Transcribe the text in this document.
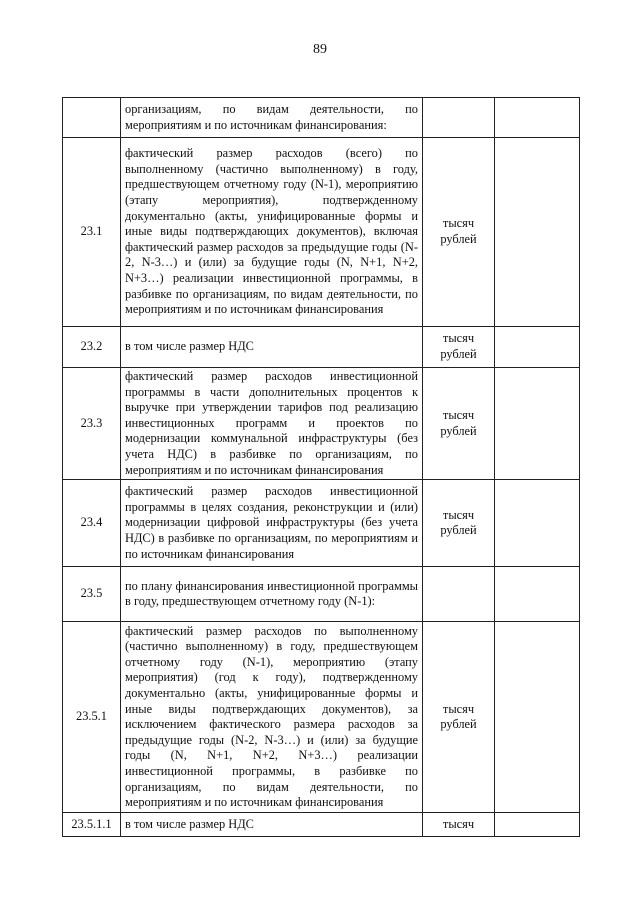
89
	организациям, по видам деятельности, по мероприятиям и по источникам финансирования:		
23.1	фактический размер расходов (всего) по выполненному (частично выполненному) в году, предшествующем отчетному году (N-1), мероприятию (этапу мероприятия), подтвержденному документально (акты, унифицированные формы и иные виды подтверждающих документов), включая фактический размер расходов за предыдущие годы (N-2, N-3…) и (или) за будущие годы (N, N+1, N+2, N+3…) реализации инвестиционной программы, в разбивке по организациям, по видам деятельности, по мероприятиям и по источникам финансирования	тысяч
рублей	
23.2	в том числе размер НДС	тысяч
рублей	
23.3	фактический размер расходов инвестиционной программы в части дополнительных процентов к выручке при утверждении тарифов под реализацию инвестиционных программ и проектов по модернизации коммунальной инфраструктуры (без учета НДС) в разбивке по организациям, по мероприятиям и по источникам финансирования	тысяч
рублей	
23.4	фактический размер расходов инвестиционной программы в целях создания, реконструкции и (или) модернизации цифровой инфраструктуры (без учета НДС) в разбивке по организациям, по мероприятиям и по источникам финансирования	тысяч
рублей	
23.5	по плану финансирования инвестиционной программы в году, предшествующем отчетному году (N-1):		
23.5.1	фактический размер расходов по выполненному (частично выполненному) в году, предшествующем отчетному году (N-1), мероприятию (этапу мероприятия) (год к году), подтвержденному документально (акты, унифицированные формы и иные виды подтверждающих документов), за исключением фактического размера расходов за предыдущие годы (N-2, N-3…) и (или) за будущие годы (N, N+1, N+2, N+3…) реализации инвестиционной программы, в разбивке по организациям, по видам деятельности, по мероприятиям и по источникам финансирования	тысяч
рублей	
23.5.1.1	в том числе размер НДС	тысяч	
